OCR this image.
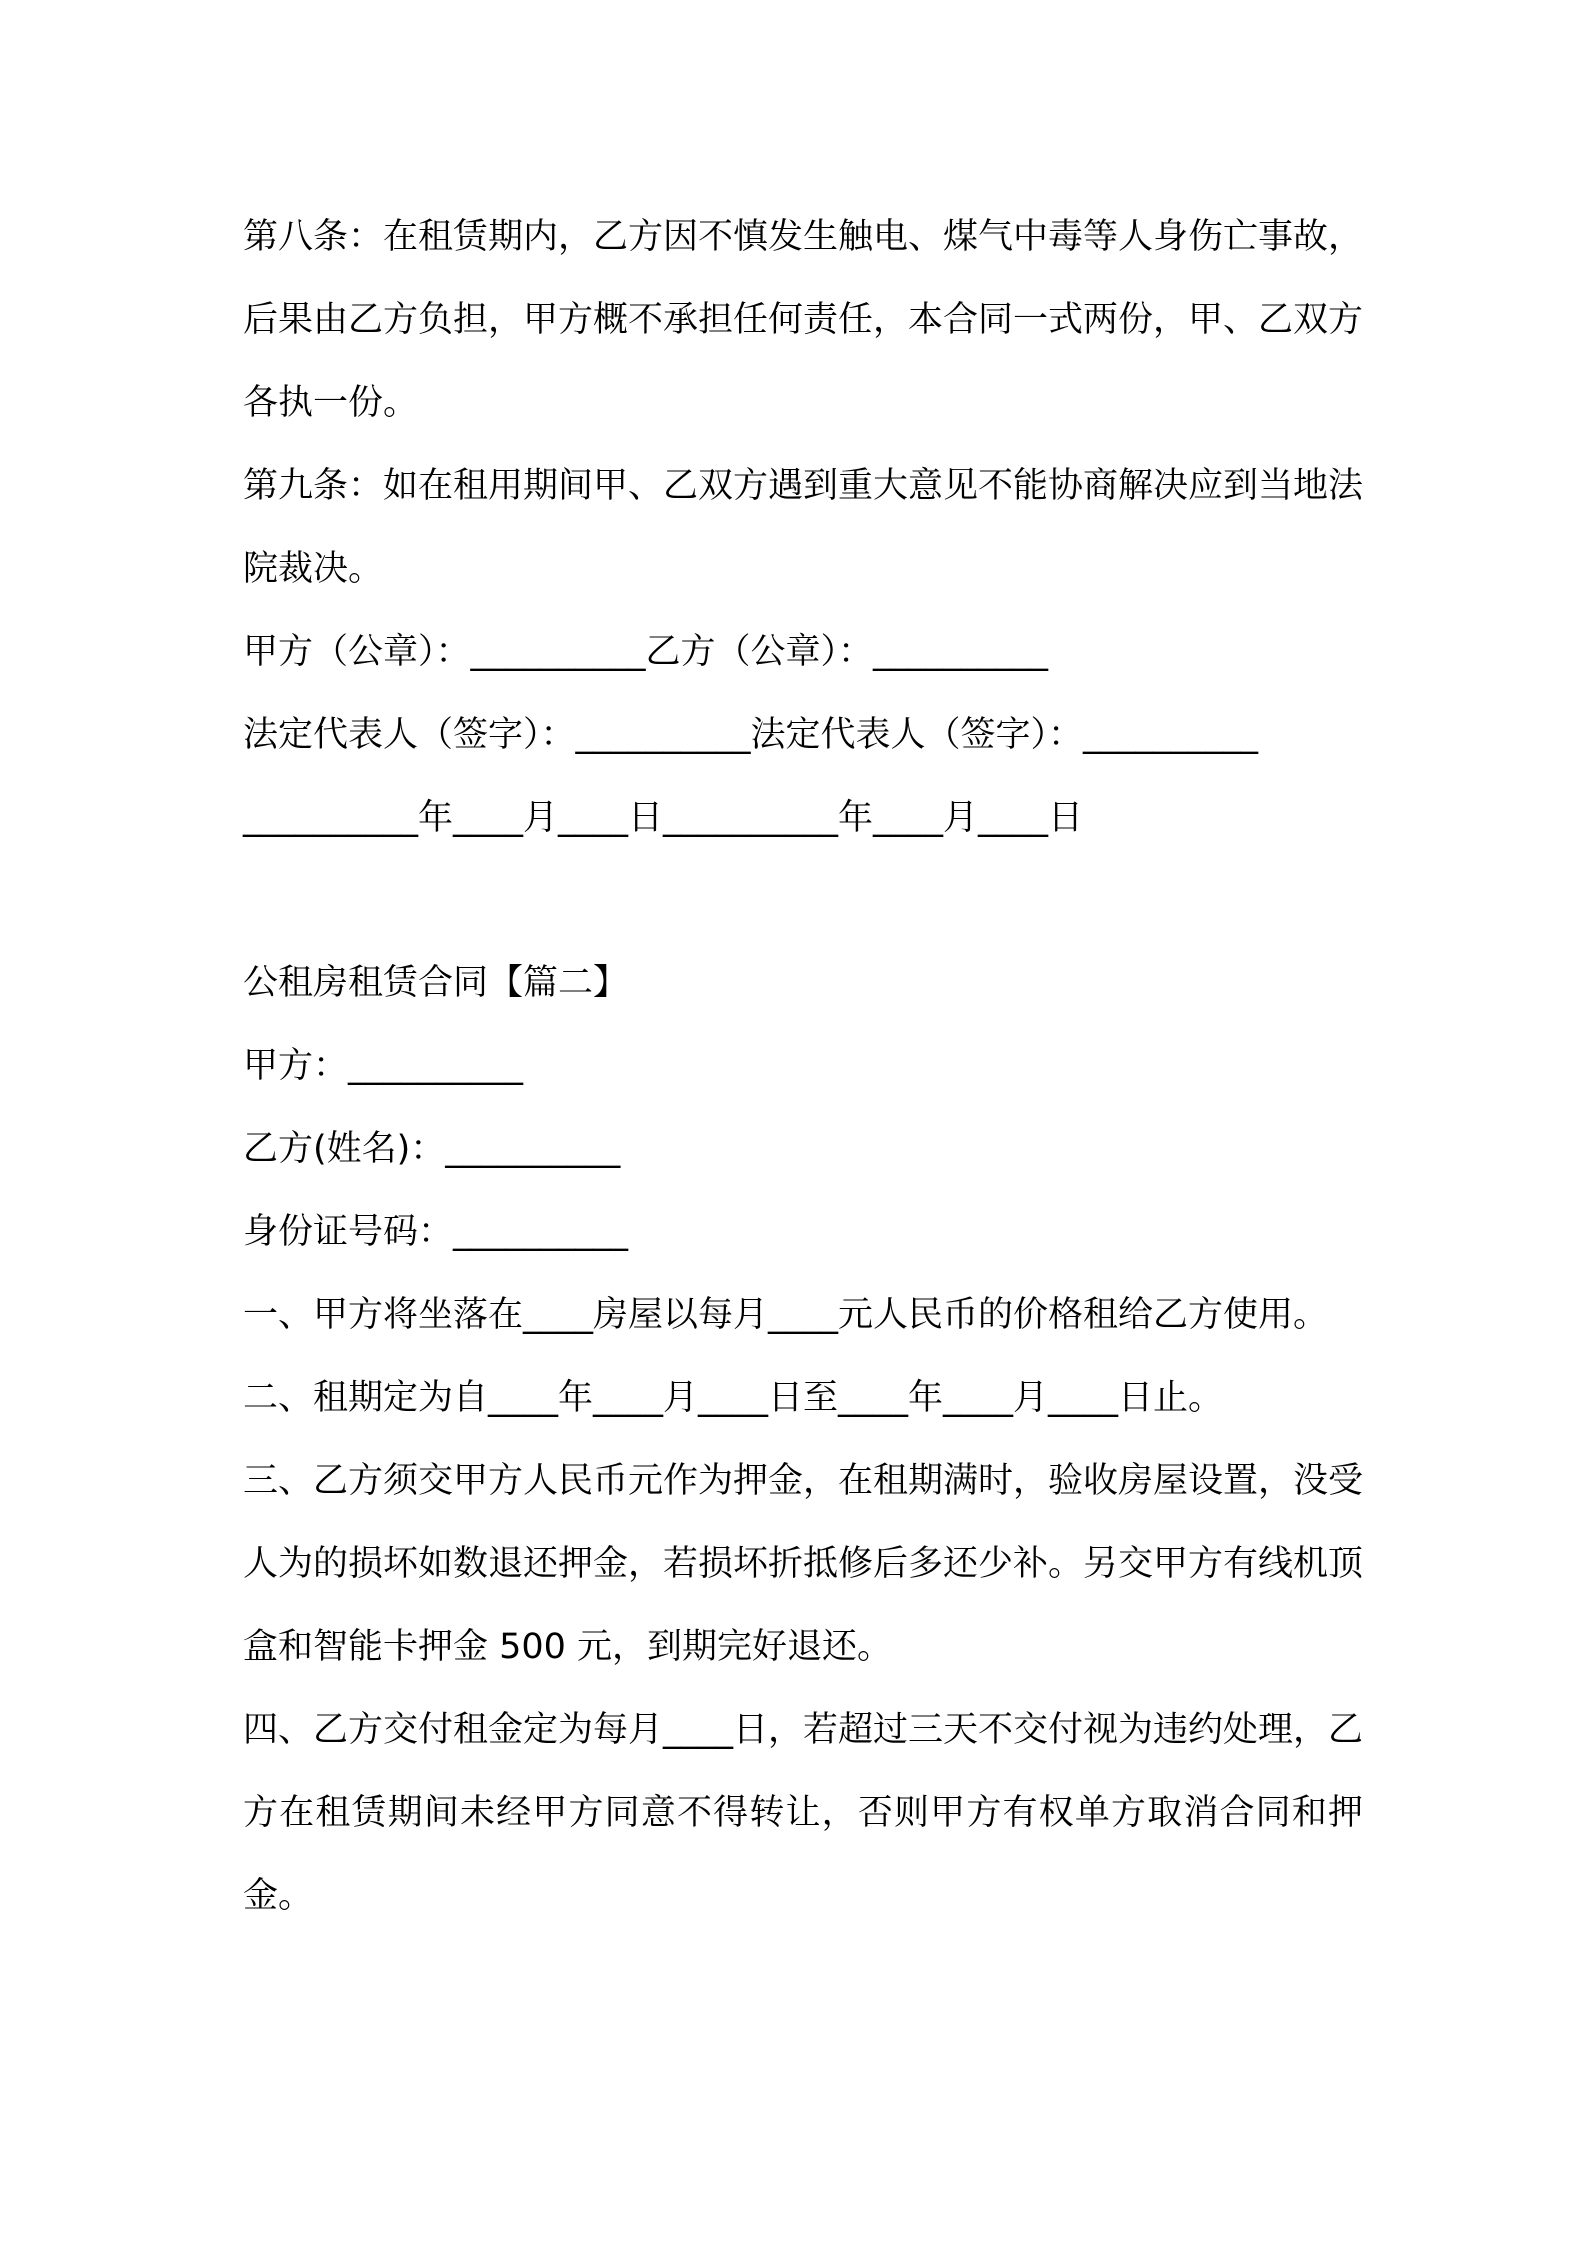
第八条：在租赁期内，乙方因不慎发生触电、煤气中毒等人身伤亡事故，后果由乙方负担，甲方概不承担任何责任，本合同一式两份，甲、乙双方各执一份。

第九条：如在租用期间甲、乙双方遇到重大意见不能协商解决应到当地法院裁决。

甲方（公章）：__________乙方（公章）：__________

法定代表人（签字）：__________法定代表人（签字）：__________

__________年____月____日__________年____月____日

公租房租赁合同【篇二】

甲方：__________

乙方(姓名)：__________

身份证号码：__________

一、甲方将坐落在____房屋以每月____元人民币的价格租给乙方使用。

二、租期定为自____年____月____日至____年____月____日止。

三、乙方须交甲方人民币元作为押金，在租期满时，验收房屋设置，没受人为的损坏如数退还押金，若损坏折抵修后多还少补。另交甲方有线机顶盒和智能卡押金 500 元，到期完好退还。

四、乙方交付租金定为每月____日，若超过三天不交付视为违约处理，乙方在租赁期间未经甲方同意不得转让，否则甲方有权单方取消合同和押金。
